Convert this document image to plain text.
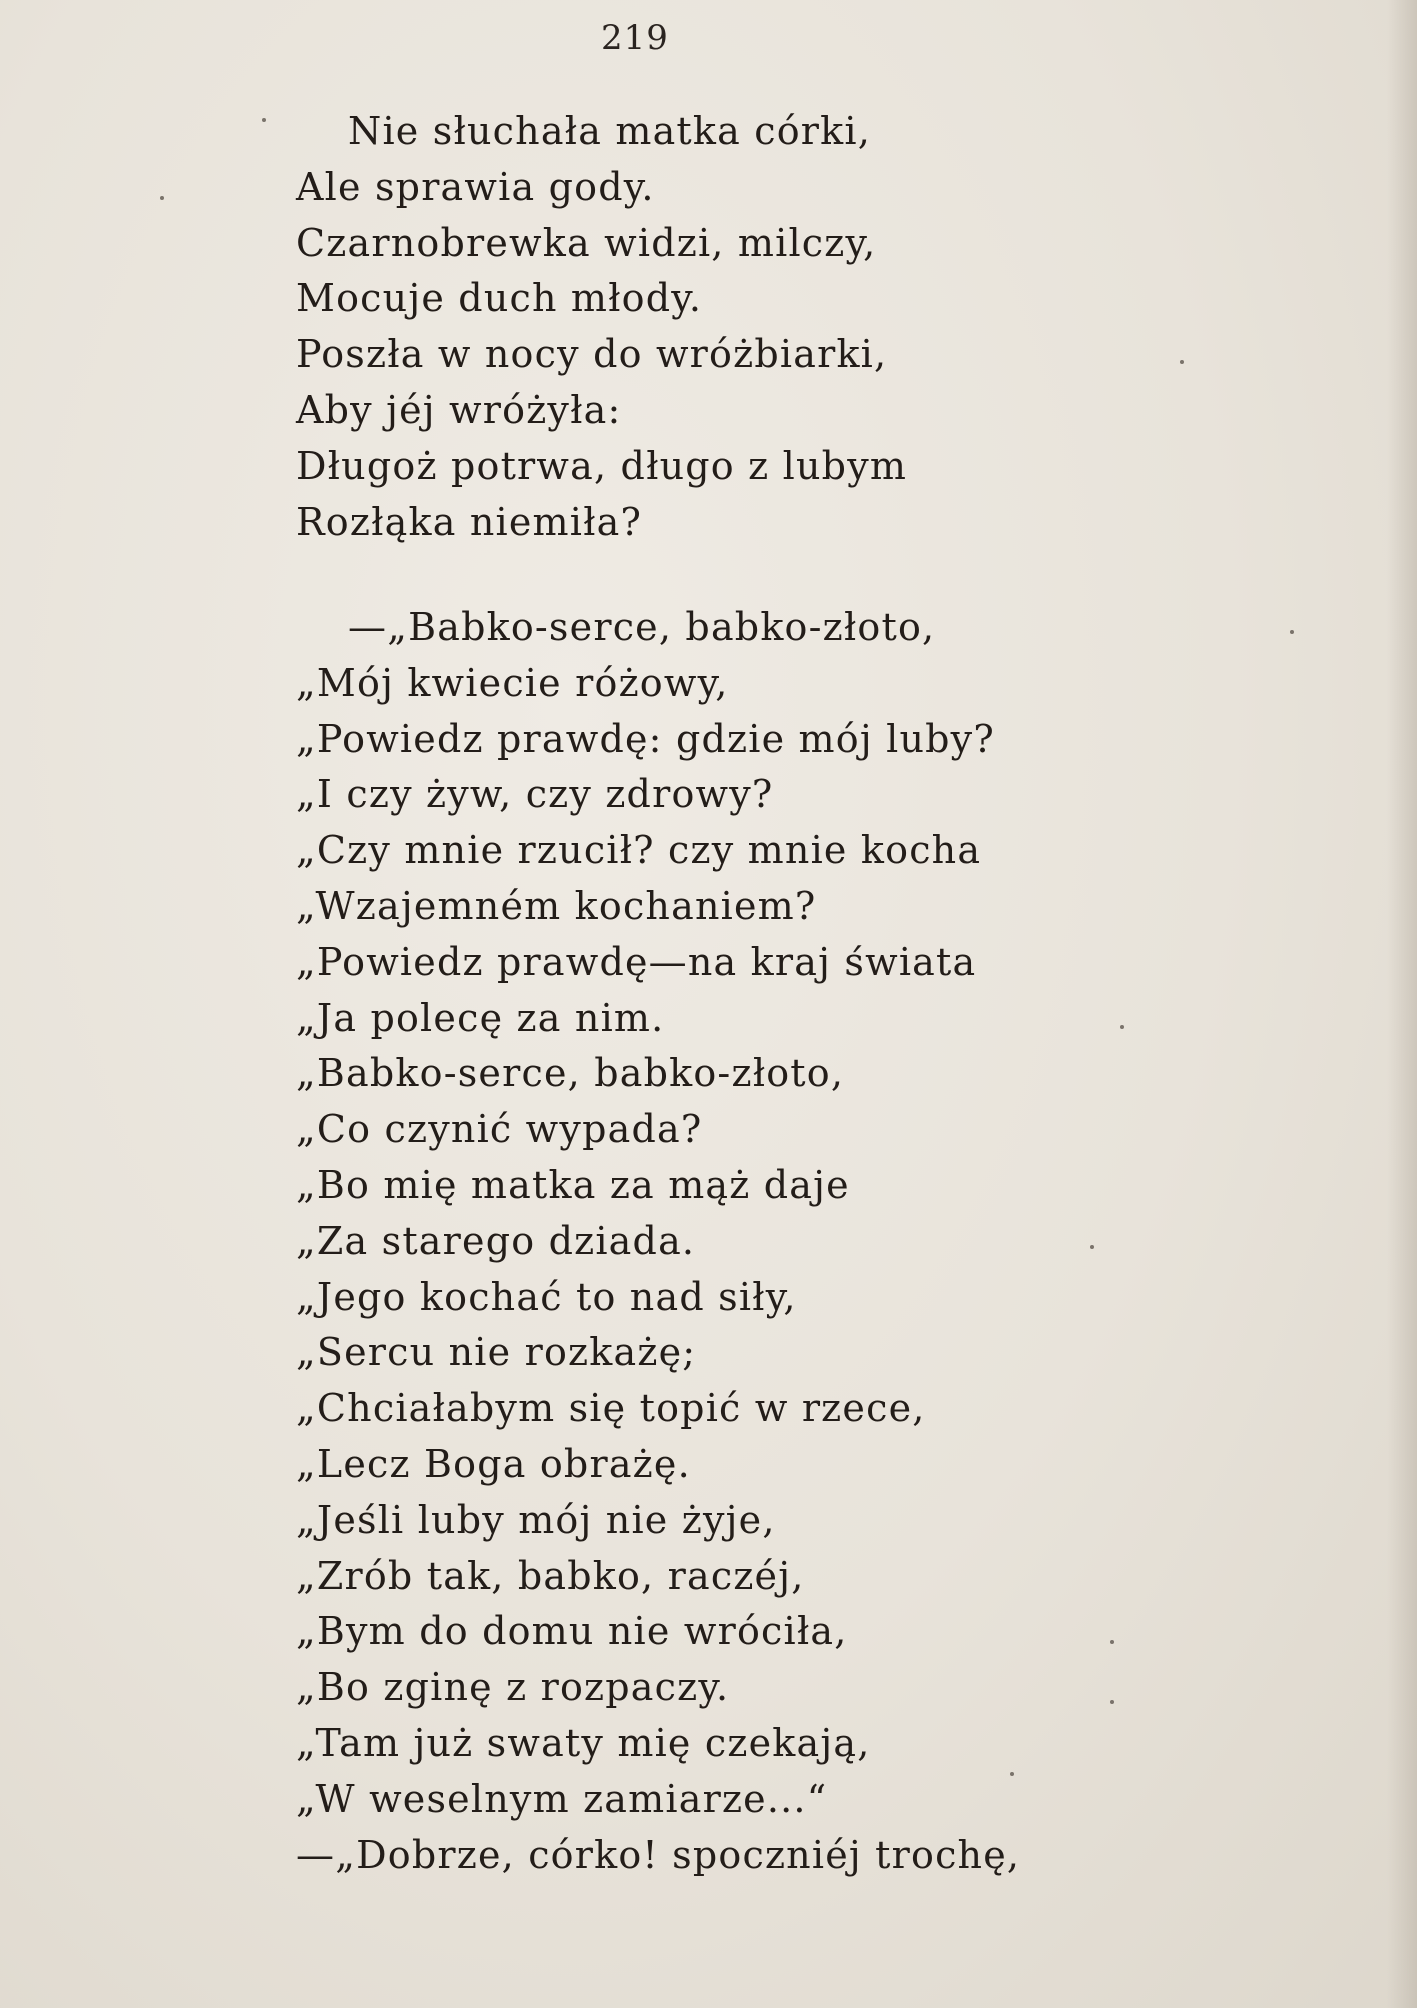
219
Nie słuchała matka córki,
Ale sprawia gody.
Czarnobrewka widzi, milczy,
Mocuje duch młody.
Poszła w nocy do wróżbiarki,
Aby jéj wróżyła:
Długoż potrwa, długo z lubym
Rozłąka niemiła?
—„Babko-serce, babko-złoto,
„Mój kwiecie różowy,
„Powiedz prawdę: gdzie mój luby?
„I czy żyw, czy zdrowy?
„Czy mnie rzucił? czy mnie kocha
„Wzajemném kochaniem?
„Powiedz prawdę—na kraj świata
„Ja polecę za nim.
„Babko-serce, babko-złoto,
„Co czynić wypada?
„Bo mię matka za mąż daje
„Za starego dziada.
„Jego kochać to nad siły,
„Sercu nie rozkażę;
„Chciałabym się topić w rzece,
„Lecz Boga obrażę.
„Jeśli luby mój nie żyje,
„Zrób tak, babko, raczéj,
„Bym do domu nie wróciła,
„Bo zginę z rozpaczy.
„Tam już swaty mię czekają,
„W weselnym zamiarze...“
—„Dobrze, córko! spoczniéj trochę,
